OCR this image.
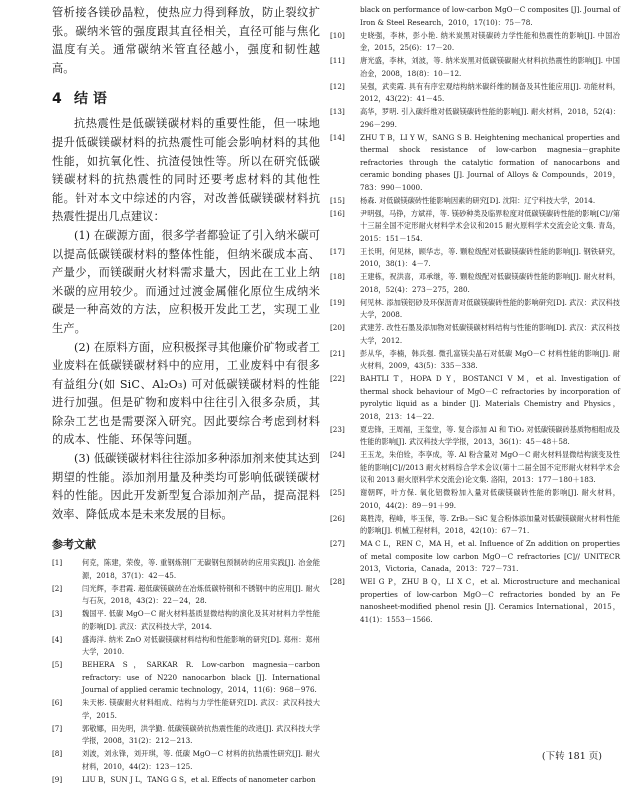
管析接各镁砂晶粒，使热应力得到释放，防止裂纹扩张。碳纳米管的强度跟其直径相关，直径可能与焦化温度有关。通常碳纳米管直径越小，强度和韧性越高。

4 结 语

抗热震性是低碳镁碳材料的重要性能，但一味地提升低碳镁碳材料的抗热震性可能会影响材料的其他性能，如抗氧化性、抗渣侵蚀性等。所以在研究低碳镁碳材料的抗热震性的同时还要考虑材料的其他性能。针对本文中综述的内容，对改善低碳镁碳材料抗热震性提出几点建议：

(1) 在碳源方面，很多学者都验证了引入纳米碳可以提高低碳镁碳材料的整体性能，但纳米碳成本高、产量少，而镁碳耐火材料需求量大，因此在工业上纳米碳的应用较少。而通过过渡金属催化原位生成纳米碳是一种高效的方法，应积极开发此工艺，实现工业生产。

(2) 在原料方面，应积极探寻其他廉价矿物或者工业废料在低碳镁碳材料中的应用，工业废料中有很多有益组分(如 SiC、Al₂O₃) 可对低碳镁碳材料的性能进行加强。但是矿物和废料中往往引入很多杂质，其除杂工艺也是需要深入研究。因此要综合考虑到材料的成本、性能、环保等问题。

(3) 低碳镁碳材料往往添加多种添加剂来使其达到期望的性能。添加剂用量及种类均可影响低碳镁碳材料的性能。因此开发新型复合添加剂产品，提高混料效率、降低成本是未来发展的目标。

参考文献
[1]	何克，陈建，荣俊，等. 重钢炼钢厂无碳钢包预制砖的应用实践[J]. 冶金能源，2018，37(1)：42－45.
[2]	闫光辉，李君霞. 超低碳镁碳砖在冶炼低碳特钢和不锈钢中的应用[J]. 耐火与石灰，2018，43(2)：22－24，28.
[3]	魏国平. 低碳 MgO－C 耐火材料基质显微结构的演化及其对材料力学性能的影响[D]. 武汉：武汉科技大学，2014.
[4]	盛海洋. 纳米 ZnO 对低碳镁碳材料结构和性能影响的研究[D]. 郑州：郑州大学，2010.
[5]	BEHERA S，SARKAR R. Low-carbon magnesia－carbon refractory: use of N220 nanocarbon black [J]. International Journal of applied ceramic technology，2014，11(6)：968－976.
[6]	朱天彬. 镁碳耐火材料组成、结构与力学性能研究[D]. 武汉：武汉科技大学，2015.
[7]	郭敬娜，田先明，洪学勤. 低碳镁碳砖抗热震性能的改进[J]. 武汉科技大学学报，2008，31(2)：212－213.
[8]	刘波，刘永锋，刘开琪，等. 低碳 MgO－C 材料的抗热震性研究[J]. 耐火材料，2010，44(2)：123－125.
[9]	LIU B，SUN J L，TANG G S，et al. Effects of nanometer carbon
black on performance of low-carbon MgO－C composites [J]. Journal of Iron & Steel Research，2010，17(10)：75－78.
[10]	史晓强，李林，彭小艳. 纳米炭黑对镁碳砖力学性能和热震性的影响[J]. 中国冶金，2015，25(6)：17－20.
[11]	唐光盛，李林，刘波，等. 纳米炭黑对低碳镁碳耐火材料抗热震性的影响[J]. 中国冶金，2008，18(8)：10－12.
[12]	吴强，武奕霞. 具有有序宏观结构纳米碳纤维的制备及其性能应用[J]. 功能材料，2012，43(22)：41－45.
[13]	高华，罗明. 引入碳纤维对低碳镁碳砖性能的影响[J]. 耐火材料，2018，52(4)：296－299.
[14]	ZHU T B，LI Y W，SANG S B. Heightening mechanical properties and thermal shock resistance of low-carbon magnesia－graphite refractories through the catalytic formation of nanocarbons and ceramic bonding phases [J]. Journal of Alloys & Compounds，2019，783：990－1000.
[15]	杨森. 对低碳镁碳砖性能影响因素的研究[D]. 沈阳：辽宁科技大学，2014.
[16]	尹明强，马铮，方斌祥，等. 镁砂种类及临界粒度对低碳镁碳砖性能的影响[C]//第十三届全国不定形耐火材料学术会议和2015 耐火原料学术交流会论文集. 青岛，2015：151－154.
[17]	王长明，何见林，顾华志，等. 颗粒级配对低碳镁碳砖性能的影响[J]. 钢铁研究，2010，38(1)：4－7.
[18]	王建栋，祝洪喜，邓承继，等. 颗粒级配对低碳镁碳砖性能的影响[J]. 耐火材料，2018，52(4)：273－275，280.
[19]	何见林. 添加镁铝砂及环保沥青对低碳镁碳砖性能的影响研究[D]. 武汉：武汉科技大学，2008.
[20]	武建芳. 改性石墨及添加物对低碳镁碳材料结构与性能的影响[D]. 武汉：武汉科技大学，2012.
[21]	彭从华，李楠，韩兵强. 微孔富镁尖晶石对低碳 MgO－C 材料性能的影响[J]. 耐火材料，2009，43(5)：335－338.
[22]	BAHTLI T，HOPA D Y，BOSTANCI V M，et al. Investigation of thermal shock behaviour of MgO－C refractories by incorporation of pyrolytic liquid as a binder [J]. Materials Chemistry and Physics，2018，213：14－22.
[23]	夏忠锋，王周福，王玺堂，等. 复合添加 Al 和 TiO₂ 对低碳镁碳砖基质物相组成及性能的影响[J]. 武汉科技大学学报，2013，36(1)：45－48＋58.
[24]	王玉龙，朱伯铨，李享成，等. Al 粉含量对 MgO－C 耐火材料显微结构演变及性能的影响[C]//2013 耐火材料综合学术会议(第十二届全国不定形耐火材料学术会议和 2013 耐火原料学术交流会)论文集. 洛阳，2013：177－180＋183.
[25]	谢朝晖，叶方保. 氧化铝微粉加入量对低碳镁碳砖性能的影响[J]. 耐火材料，2010，44(2)：89－91＋99.
[26]	葛胜涛，程峰，毕玉保，等. ZrB₂－SiC 复合粉体添加量对低碳镁碳耐火材料性能的影响[J]. 机械工程材料，2018，42(10)：67－71.
[27]	MA C L，REN C，MA H，et al. Influence of Zn addition on properties of metal composite low carbon MgO－C refractories [C]// UNITECR 2013，Victoria，Canada，2013：727－731.
[28]	WEI G P，ZHU B Q，LI X C，et al. Microstructure and mechanical properties of low-carbon MgO－C refractories bonded by an Fe nanosheet-modified phenol resin [J]. Ceramics International，2015，41(1)：1553－1566.
(下转 181 页)
